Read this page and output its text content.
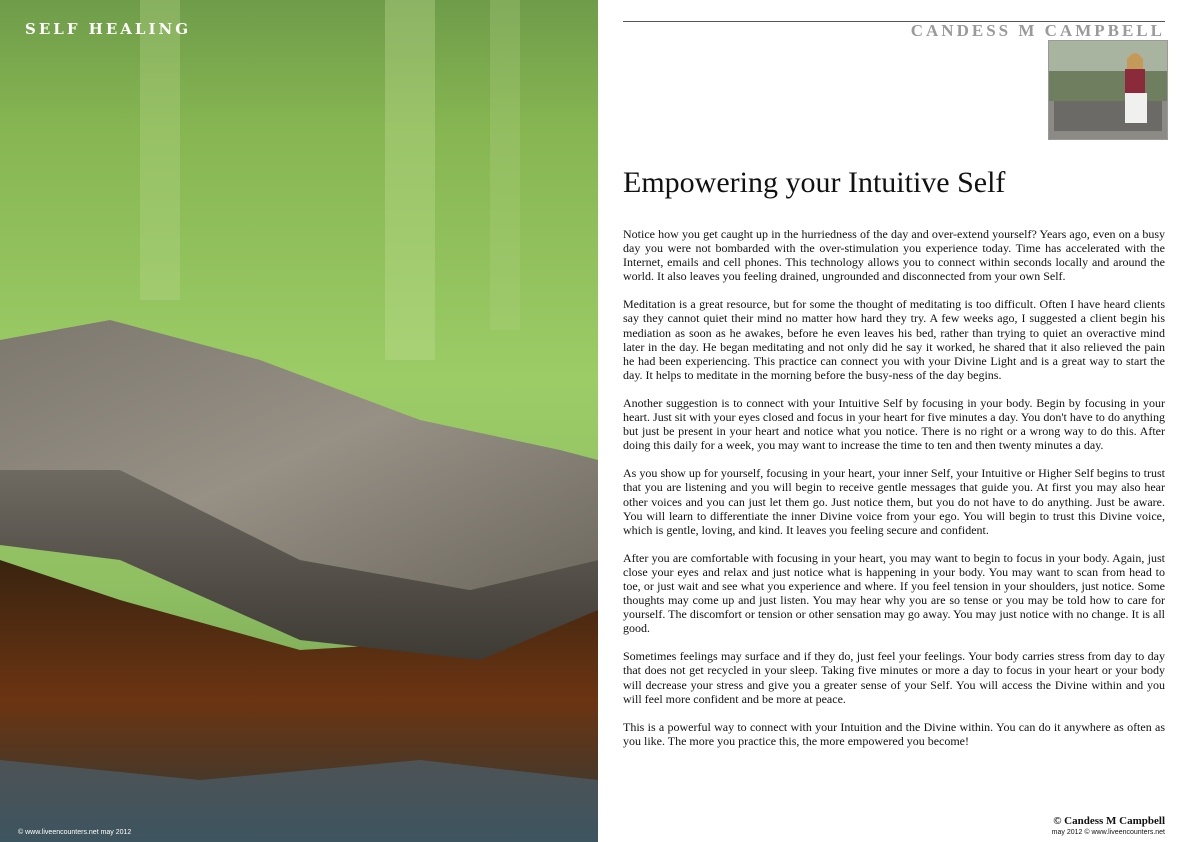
SELF HEALING
© www.liveencounters.net may 2012
CANDESS M CAMPBELL
Empowering your Intuitive Self

Notice how you get caught up in the hurriedness of the day and over-extend yourself? Years ago, even on a busy day you were not bombarded with the over-stimulation you experience today. Time has accelerated with the Internet, emails and cell phones. This technology allows you to connect within seconds locally and around the world. It also leaves you feeling drained, ungrounded and disconnected from your own Self.

Meditation is a great resource, but for some the thought of meditating is too difficult. Often I have heard clients say they cannot quiet their mind no matter how hard they try. A few weeks ago, I suggested a client begin his mediation as soon as he awakes, before he even leaves his bed, rather than trying to quiet an overactive mind later in the day. He began meditating and not only did he say it worked, he shared that it also relieved the pain he had been experiencing. This practice can connect you with your Divine Light and is a great way to start the day. It helps to meditate in the morning before the busy-ness of the day begins.

Another suggestion is to connect with your Intuitive Self by focusing in your body. Begin by focusing in your heart. Just sit with your eyes closed and focus in your heart for five minutes a day. You don't have to do anything but just be present in your heart and notice what you notice. There is no right or a wrong way to do this. After doing this daily for a week, you may want to increase the time to ten and then twenty minutes a day.

As you show up for yourself, focusing in your heart, your inner Self, your Intuitive or Higher Self begins to trust that you are listening and you will begin to receive gentle messages that guide you. At first you may also hear other voices and you can just let them go. Just notice them, but you do not have to do anything. Just be aware. You will learn to differentiate the inner Divine voice from your ego. You will begin to trust this Divine voice, which is gentle, loving, and kind. It leaves you feeling secure and confident.

After you are comfortable with focusing in your heart, you may want to begin to focus in your body. Again, just close your eyes and relax and just notice what is happening in your body. You may want to scan from head to toe, or just wait and see what you experience and where. If you feel tension in your shoulders, just notice. Some thoughts may come up and just listen. You may hear why you are so tense or you may be told how to care for yourself. The discomfort or tension or other sensation may go away. You may just notice with no change. It is all good.

Sometimes feelings may surface and if they do, just feel your feelings. Your body carries stress from day to day that does not get recycled in your sleep. Taking five minutes or more a day to focus in your heart or your body will decrease your stress and give you a greater sense of your Self. You will access the Divine within and you will feel more confident and be more at peace.

This is a powerful way to connect with your Intuition and the Divine within. You can do it anywhere as often as you like. The more you practice this, the more empowered you become!

© Candess M Campbell
may 2012 © www.liveencounters.net
